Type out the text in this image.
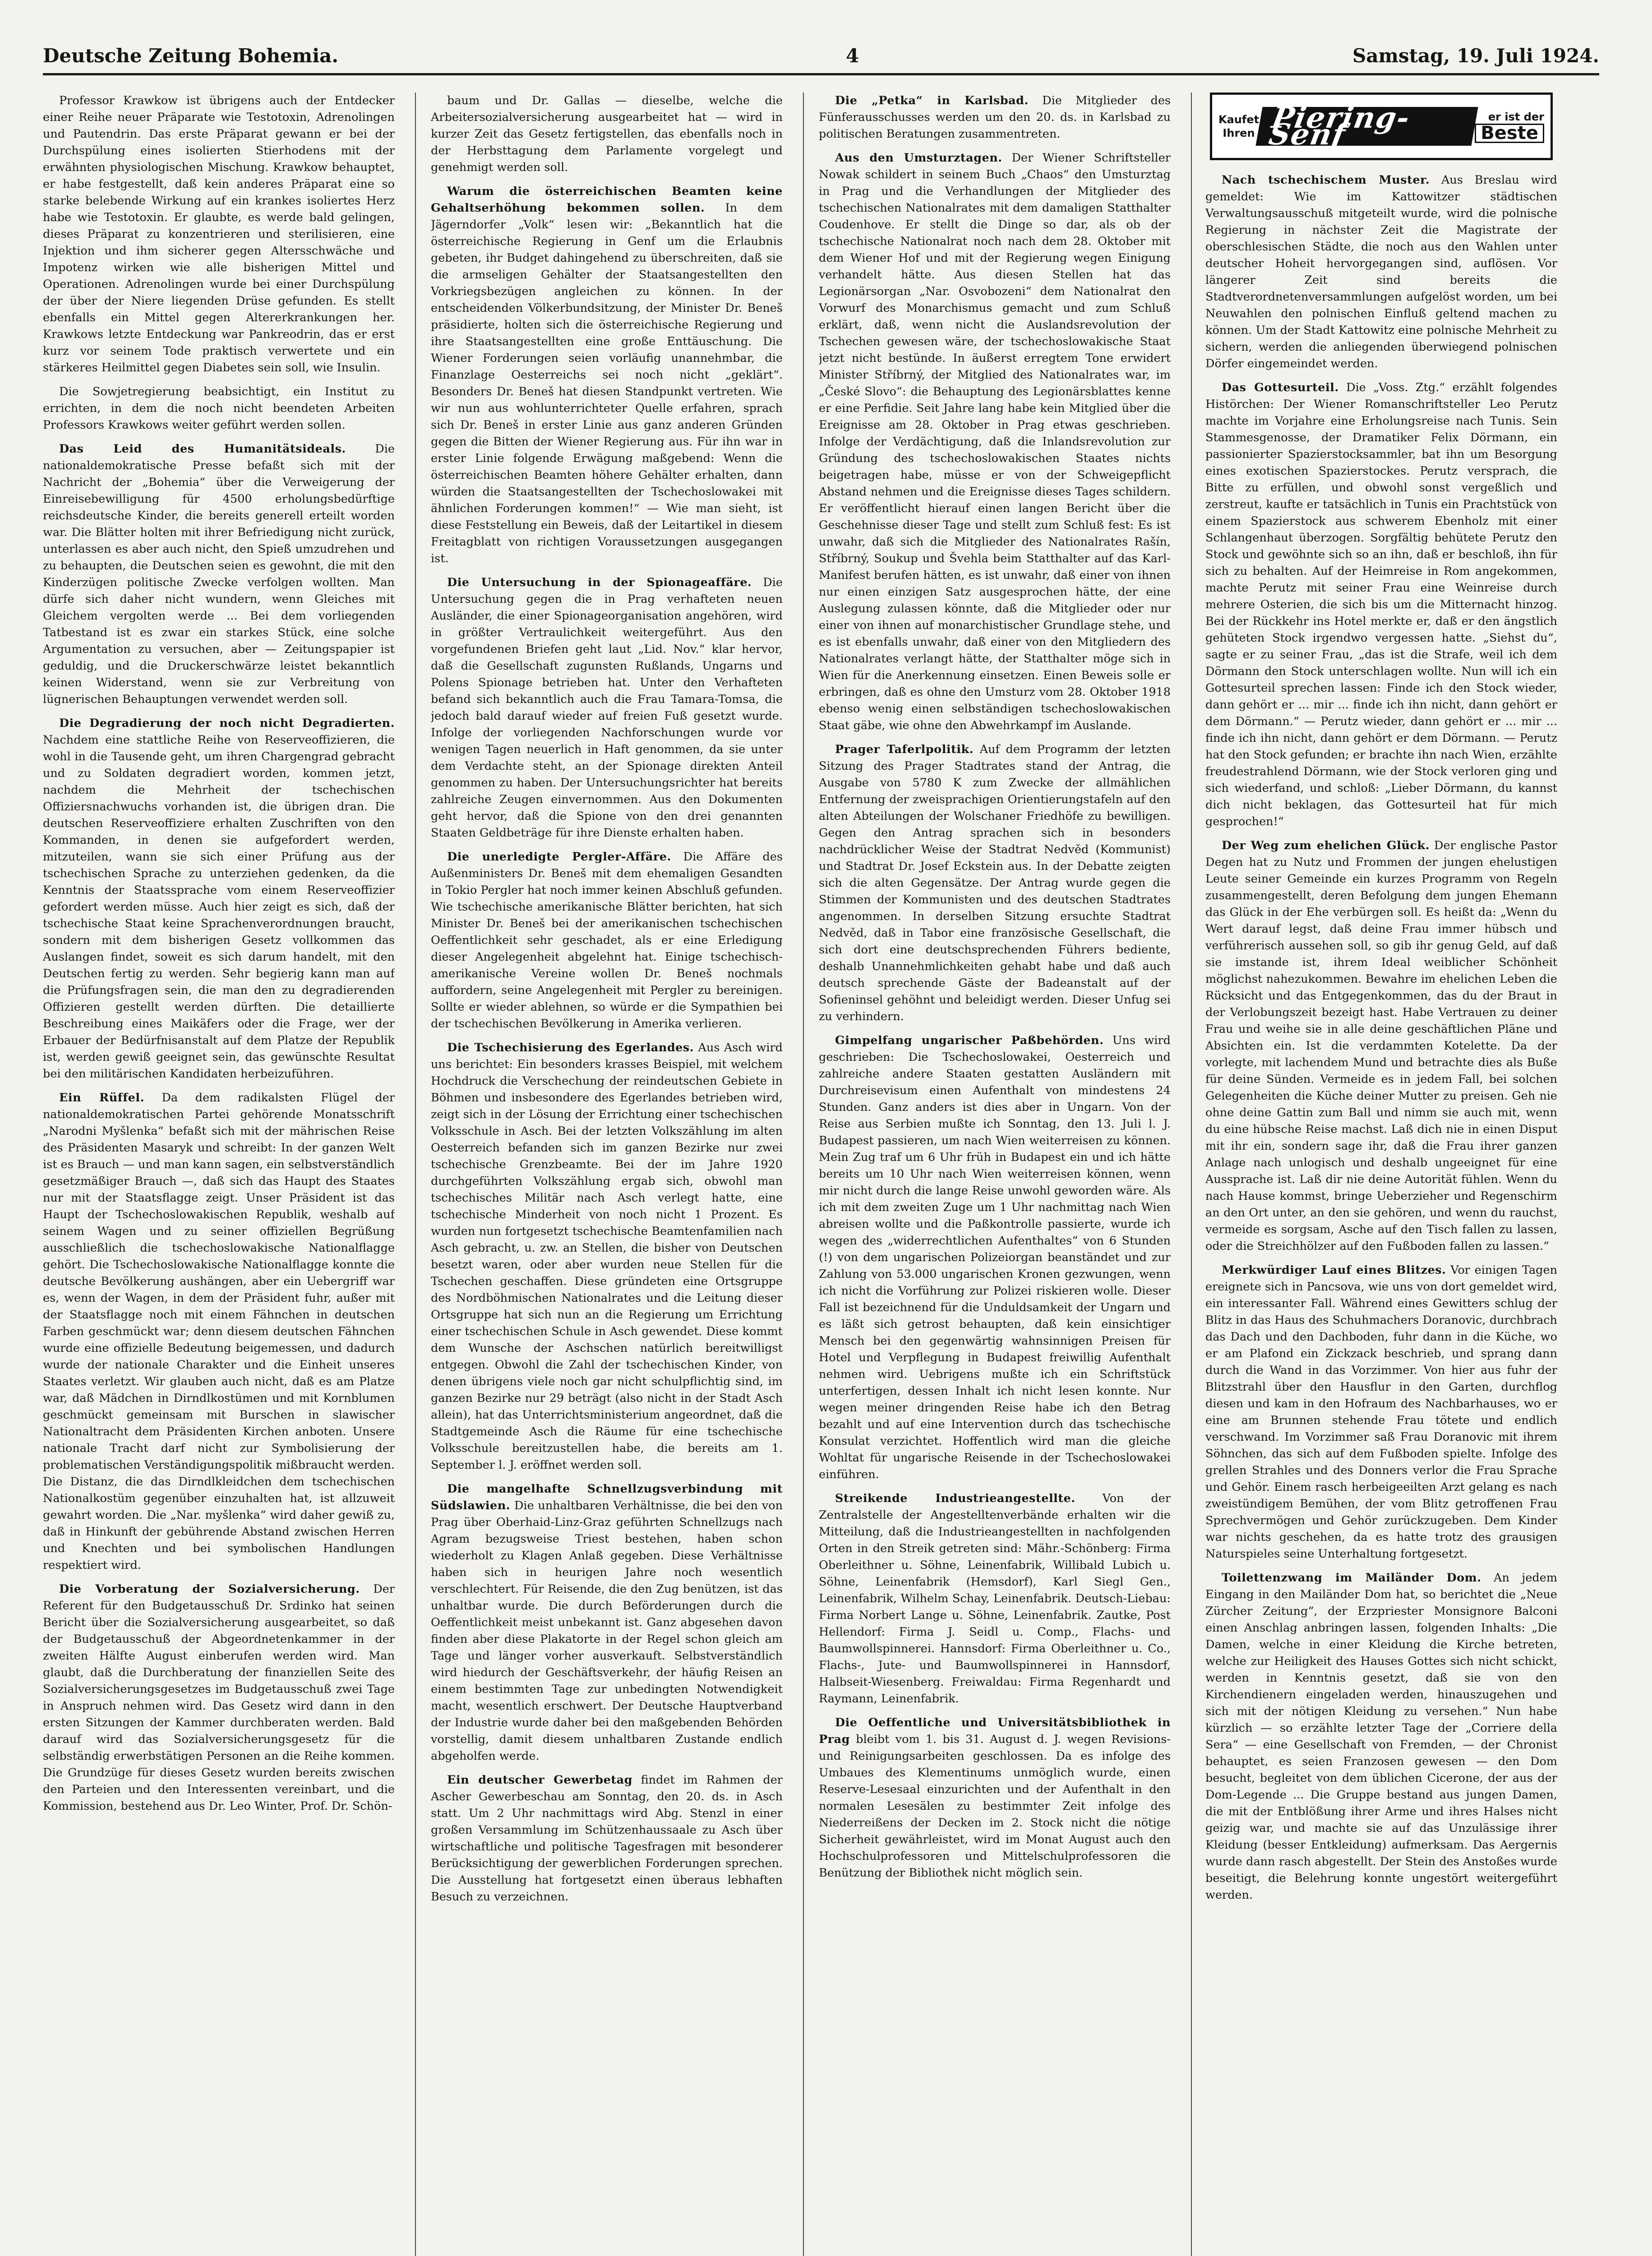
Deutsche Zeitung Bohemia.	4	Samstag, 19. Juli 1924.

Professor Krawkow ist übrigens auch der Entdecker einer Reihe neuer Präparate wie Testotoxin, Adrenolingen und Pautendrin. Das erste Präparat gewann er bei der Durchspülung eines isolierten Stierhodens mit der erwähnten physiologischen Mischung. Krawkow behauptet, er habe festgestellt, daß kein anderes Präparat eine so starke belebende Wirkung auf ein krankes isoliertes Herz habe wie Testotoxin. Er glaubte, es werde bald gelingen, dieses Präparat zu konzentrieren und sterilisieren, eine Injektion und ihm sicherer gegen Altersschwäche und Impotenz wirken wie alle bisherigen Mittel und Operationen. Adrenolingen wurde bei einer Durchspülung der über der Niere liegenden Drüse gefunden. Es stellt ebenfalls ein Mittel gegen Altererkrankungen her. Krawkows letzte Entdeckung war Pankreodrin, das er erst kurz vor seinem Tode praktisch verwertete und ein stärkeres Heilmittel gegen Diabetes sein soll, wie Insulin.

Die Sowjetregierung beabsichtigt, ein Institut zu errichten, in dem die noch nicht beendeten Arbeiten Professors Krawkows weiter geführt werden sollen.

Das Leid des Humanitätsideals.	Die nationaldemokratische Presse befaßt sich mit der Nachricht der „Bohemia“ über die Verweigerung der Einreisebewilligung für 4500 erholungsbedürftige reichsdeutsche Kinder, die bereits generell erteilt worden war. Die Blätter holten mit ihrer Befriedigung nicht zurück, unterlassen es aber auch nicht, den Spieß umzudrehen und zu behaupten, die Deutschen seien es gewohnt, die mit den Kinderzügen politische Zwecke verfolgen wollten. Man dürfe sich daher nicht wundern, wenn Gleiches mit Gleichem vergolten werde ... Bei dem vorliegenden Tatbestand ist es zwar ein starkes Stück, eine solche Argumentation zu versuchen, aber — Zeitungspapier ist geduldig, und die Druckerschwärze leistet bekanntlich keinen Widerstand, wenn sie zur Verbreitung von lügnerischen Behauptungen verwendet werden soll.

Die Degradierung der noch nicht Degradierten. Nachdem eine stattliche Reihe von Reserveoffizieren, die wohl in die Tausende geht, um ihren Chargengrad gebracht und zu Soldaten degradiert worden, kommen jetzt, nachdem die Mehrheit der tschechischen Offiziersnachwuchs vorhanden ist, die übrigen dran. Die deutschen Reserveoffiziere erhalten Zuschriften von den Kommanden, in denen sie aufgefordert werden, mitzuteilen, wann sie sich einer Prüfung aus der tschechischen Sprache zu unterziehen gedenken, da die Kenntnis der Staatssprache vom einem Reserveoffizier gefordert werden müsse. Auch hier zeigt es sich, daß der tschechische Staat keine Sprachenverordnungen braucht, sondern mit dem bisherigen Gesetz vollkommen das Auslangen findet, soweit es sich darum handelt, mit den Deutschen fertig zu werden. Sehr begierig kann man auf die Prüfungsfragen sein, die man den zu degradierenden Offizieren gestellt werden dürften. Die detaillierte Beschreibung eines Maikäfers oder die Frage, wer der Erbauer der Bedürfnisanstalt auf dem Platze der Republik ist, werden gewiß geeignet sein, das gewünschte Resultat bei den militärischen Kandidaten herbeizuführen.

Ein Rüffel. Da dem radikalsten Flügel der nationaldemokratischen Partei gehörende Monatsschrift „Narodni Myšlenka“ befaßt sich mit der mährischen Reise des Präsidenten Masaryk und schreibt: In der ganzen Welt ist es Brauch — und man kann sagen, ein selbstverständlich gesetzmäßiger Brauch —, daß sich das Haupt des Staates nur mit der Staatsflagge zeigt. Unser Präsident ist das Haupt der Tschechoslowakischen Republik, weshalb auf seinem Wagen und zu seiner offiziellen Begrüßung ausschließlich die tschechoslowakische Nationalflagge gehört. Die Tschechoslowakische Nationalflagge konnte die deutsche Bevölkerung aushängen, aber ein Uebergriff war es, wenn der Wagen, in dem der Präsident fuhr, außer mit der Staatsflagge noch mit einem Fähnchen in deutschen Farben geschmückt war; denn diesem deutschen Fähnchen wurde eine offizielle Bedeutung beigemessen, und dadurch wurde der nationale Charakter und die Einheit unseres Staates verletzt. Wir glauben auch nicht, daß es am Platze war, daß Mädchen in Dirndlkostümen und mit Kornblumen geschmückt gemeinsam mit Burschen in slawischer Nationaltracht dem Präsidenten Kirchen anboten. Unsere nationale Tracht darf nicht zur Symbolisierung der problematischen Verständigungspolitik mißbraucht werden. Die Distanz, die das Dirndlkleidchen dem tschechischen Nationalkostüm gegenüber einzuhalten hat, ist allzuweit gewahrt worden. Die „Nar. myšlenka“ wird daher gewiß zu, daß in Hinkunft der gebührende Abstand zwischen Herren und Knechten und bei symbolischen Handlungen respektiert wird.

Die Vorberatung der Sozialversicherung. Der Referent für den Budgetausschuß Dr. Srdinko hat seinen Bericht über die Sozialversicherung ausgearbeitet, so daß der Budgetausschuß der Abgeordnetenkammer in der zweiten Hälfte August einberufen werden wird. Man glaubt, daß die Durchberatung der finanziellen Seite des Sozialversicherungsgesetzes im Budgetausschuß zwei Tage in Anspruch nehmen wird. Das Gesetz wird dann in den ersten Sitzungen der Kammer durchberaten werden. Bald darauf wird das Sozialversicherungsgesetz für die selbständig erwerbstätigen Personen an die Reihe kommen. Die Grundzüge für dieses Gesetz wurden bereits zwischen den Parteien und den Interessenten vereinbart, und die Kommission, bestehend aus Dr. Leo Winter, Prof. Dr. Schön-

baum und Dr. Gallas — dieselbe, welche die Arbeitersozialversicherung ausgearbeitet hat — wird in kurzer Zeit das Gesetz fertigstellen, das ebenfalls noch in der Herbsttagung dem Parlamente vorgelegt und genehmigt werden soll.

Warum die österreichischen Beamten keine Gehaltserhöhung bekommen sollen. In dem Jägerndorfer „Volk“ lesen wir: „Bekanntlich hat die österreichische Regierung in Genf um die Erlaubnis gebeten, ihr Budget dahingehend zu überschreiten, daß sie die armseligen Gehälter der Staatsangestellten den Vorkriegsbezügen angleichen zu können. In der entscheidenden Völkerbundsitzung, der Minister Dr. Beneš präsidierte, holten sich die österreichische Regierung und ihre Staatsangestellten eine große Enttäuschung. Die Wiener Forderungen seien vorläufig unannehmbar, die Finanzlage Oesterreichs sei noch nicht „geklärt“. Besonders Dr. Beneš hat diesen Standpunkt vertreten. Wie wir nun aus wohlunterrichteter Quelle erfahren, sprach sich Dr. Beneš in erster Linie aus ganz anderen Gründen gegen die Bitten der Wiener Regierung aus. Für ihn war in erster Linie folgende Erwägung maßgebend: Wenn die österreichischen Beamten höhere Gehälter erhalten, dann würden die Staatsangestellten der Tschechoslowakei mit ähnlichen Forderungen kommen!“ — Wie man sieht, ist diese Feststellung ein Beweis, daß der Leitartikel in diesem Freitagblatt von richtigen Voraussetzungen ausgegangen ist.

Die Untersuchung in der Spionageaffäre. Die Untersuchung gegen die in Prag verhafteten neuen Ausländer, die einer Spionageorganisation angehören, wird in größter Vertraulichkeit weitergeführt. Aus den vorgefundenen Briefen geht laut „Lid. Nov.“ klar hervor, daß die Gesellschaft zugunsten Rußlands, Ungarns und Polens Spionage betrieben hat. Unter den Verhafteten befand sich bekanntlich auch die Frau Tamara-Tomsa, die jedoch bald darauf wieder auf freien Fuß gesetzt wurde. Infolge der vorliegenden Nachforschungen wurde vor wenigen Tagen neuerlich in Haft genommen, da sie unter dem Verdachte steht, an der Spionage direkten Anteil genommen zu haben. Der Untersuchungsrichter hat bereits zahlreiche Zeugen einvernommen. Aus den Dokumenten geht hervor, daß die Spione von den drei genannten Staaten Geldbeträge für ihre Dienste erhalten haben.

Die unerledigte Pergler-Affäre. Die Affäre des Außenministers Dr. Beneš mit dem ehemaligen Gesandten in Tokio Pergler hat noch immer keinen Abschluß gefunden. Wie tschechische amerikanische Blätter berichten, hat sich Minister Dr. Beneš bei der amerikanischen tschechischen Oeffentlichkeit sehr geschadet, als er eine Erledigung dieser Angelegenheit abgelehnt hat. Einige tschechisch-amerikanische Vereine wollen Dr. Beneš nochmals auffordern, seine Angelegenheit mit Pergler zu bereinigen. Sollte er wieder ablehnen, so würde er die Sympathien bei der tschechischen Bevölkerung in Amerika verlieren.

Die Tschechisierung des Egerlandes. Aus Asch wird uns berichtet: Ein besonders krasses Beispiel, mit welchem Hochdruck die Verschechung der reindeutschen Gebiete in Böhmen und insbesondere des Egerlandes betrieben wird, zeigt sich in der Lösung der Errichtung einer tschechischen Volksschule in Asch. Bei der letzten Volkszählung im alten Oesterreich befanden sich im ganzen Bezirke nur zwei tschechische Grenzbeamte. Bei der im Jahre 1920 durchgeführten Volkszählung ergab sich, obwohl man tschechisches Militär nach Asch verlegt hatte, eine tschechische Minderheit von noch nicht 1 Prozent. Es wurden nun fortgesetzt tschechische Beamtenfamilien nach Asch gebracht, u. zw. an Stellen, die bisher von Deutschen besetzt waren, oder aber wurden neue Stellen für die Tschechen geschaffen. Diese gründeten eine Ortsgruppe des Nordböhmischen Nationalrates und die Leitung dieser Ortsgruppe hat sich nun an die Regierung um Errichtung einer tschechischen Schule in Asch gewendet. Diese kommt dem Wunsche der Aschschen natürlich bereitwilligst entgegen. Obwohl die Zahl der tschechischen Kinder, von denen übrigens viele noch gar nicht schulpflichtig sind, im ganzen Bezirke nur 29 beträgt (also nicht in der Stadt Asch allein), hat das Unterrichtsministerium angeordnet, daß die Stadtgemeinde Asch die Räume für eine tschechische Volksschule bereitzustellen habe, die bereits am 1. September l. J. eröffnet werden soll.

Die mangelhafte Schnellzugsverbindung mit Südslawien. Die unhaltbaren Verhältnisse, die bei den von Prag über Oberhaid-Linz-Graz geführten Schnellzugs nach Agram bezugsweise Triest bestehen, haben schon wiederholt zu Klagen Anlaß gegeben. Diese Verhältnisse haben sich in heurigen Jahre noch wesentlich verschlechtert. Für Reisende, die den Zug benützen, ist das unhaltbar wurde. Die durch Beförderungen durch die Oeffentlichkeit meist unbekannt ist. Ganz abgesehen davon finden aber diese Plakatorte in der Regel schon gleich am Tage und länger vorher ausverkauft. Selbstverständlich wird hiedurch der Geschäftsverkehr, der häufig Reisen an einem bestimmten Tage zur unbedingten Notwendigkeit macht, wesentlich erschwert. Der Deutsche Hauptverband der Industrie wurde daher bei den maßgebenden Behörden vorstellig, damit diesem unhaltbaren Zustande endlich abgeholfen werde.

Ein deutscher Gewerbetag findet im Rahmen der Ascher Gewerbeschau am Sonntag, den 20. ds. in Asch statt. Um 2 Uhr nachmittags wird Abg. Stenzl in einer großen Versammlung im Schützenhaussaale zu Asch über wirtschaftliche und politische Tagesfragen mit besonderer Berücksichtigung der gewerblichen Forderungen sprechen. Die Ausstellung hat fortgesetzt einen überaus lebhaften Besuch zu verzeichnen.

Die „Petka“ in Karlsbad. Die Mitglieder des Fünferausschusses werden um den 20. ds. in Karlsbad zu politischen Beratungen zusammentreten.

Aus den Umsturztagen. Der Wiener Schriftsteller Nowak schildert in seinem Buch „Chaos“ den Umsturztag in Prag und die Verhandlungen der Mitglieder des tschechischen Nationalrates mit dem damaligen Statthalter Coudenhove. Er stellt die Dinge so dar, als ob der tschechische Nationalrat noch nach dem 28. Oktober mit dem Wiener Hof und mit der Regierung wegen Einigung verhandelt hätte. Aus diesen Stellen hat das Legionärsorgan „Nar. Osvobozeni“ dem Nationalrat den Vorwurf des Monarchismus gemacht und zum Schluß erklärt, daß, wenn nicht die Auslandsrevolution der Tschechen gewesen wäre, der tschechoslowakische Staat jetzt nicht bestünde. In äußerst erregtem Tone erwidert Minister Stříbrný, der Mitglied des Nationalrates war, im „České Slovo“: die Behauptung des Legionärsblattes kenne er eine Perfidie. Seit Jahre lang habe kein Mitglied über die Ereignisse am 28. Oktober in Prag etwas geschrieben. Infolge der Verdächtigung, daß die Inlandsrevolution zur Gründung des tschechoslowakischen Staates nichts beigetragen habe, müsse er von der Schweigepflicht Abstand nehmen und die Ereignisse dieses Tages schildern. Er veröffentlicht hierauf einen langen Bericht über die Geschehnisse dieser Tage und stellt zum Schluß fest: Es ist unwahr, daß sich die Mitglieder des Nationalrates Rašín, Stříbrný, Soukup und Švehla beim Statthalter auf das Karl-Manifest berufen hätten, es ist unwahr, daß einer von ihnen nur einen einzigen Satz ausgesprochen hätte, der eine Auslegung zulassen könnte, daß die Mitglieder oder nur einer von ihnen auf monarchistischer Grundlage stehe, und es ist ebenfalls unwahr, daß einer von den Mitgliedern des Nationalrates verlangt hätte, der Statthalter möge sich in Wien für die Anerkennung einsetzen. Einen Beweis solle er erbringen, daß es ohne den Umsturz vom 28. Oktober 1918 ebenso wenig einen selbständigen tschechoslowakischen Staat gäbe, wie ohne den Abwehrkampf im Auslande.

Prager Taferlpolitik. Auf dem Programm der letzten Sitzung des Prager Stadtrates stand der Antrag, die Ausgabe von 5780 K zum Zwecke der allmählichen Entfernung der zweisprachigen Orientierungstafeln auf den alten Abteilungen der Wolschaner Friedhöfe zu bewilligen. Gegen den Antrag sprachen sich in besonders nachdrücklicher Weise der Stadtrat Nedvěd (Kommunist) und Stadtrat Dr. Josef Eckstein aus. In der Debatte zeigten sich die alten Gegensätze. Der Antrag wurde gegen die Stimmen der Kommunisten und des deutschen Stadtrates angenommen. In derselben Sitzung ersuchte Stadtrat Nedvěd, daß in Tabor eine französische Gesellschaft, die sich dort eine deutschsprechenden Führers bediente, deshalb Unannehmlichkeiten gehabt habe und daß auch deutsch sprechende Gäste der Badeanstalt auf der Sofieninsel gehöhnt und beleidigt werden. Dieser Unfug sei zu verhindern.

Gimpelfang ungarischer Paßbehörden. Uns wird geschrieben: Die Tschechoslowakei, Oesterreich und zahlreiche andere Staaten gestatten Ausländern mit Durchreisevisum einen Aufenthalt von mindestens 24 Stunden. Ganz anders ist dies aber in Ungarn. Von der Reise aus Serbien mußte ich Sonntag, den 13. Juli l. J. Budapest passieren, um nach Wien weiterreisen zu können. Mein Zug traf um 6 Uhr früh in Budapest ein und ich hätte bereits um 10 Uhr nach Wien weiterreisen können, wenn mir nicht durch die lange Reise unwohl geworden wäre. Als ich mit dem zweiten Zuge um 1 Uhr nachmittag nach Wien abreisen wollte und die Paßkontrolle passierte, wurde ich wegen des „widerrechtlichen Aufenthaltes“ von 6 Stunden (!) von dem ungarischen Polizeiorgan beanständet und zur Zahlung von 53.000 ungarischen Kronen gezwungen, wenn ich nicht die Vorführung zur Polizei riskieren wolle. Dieser Fall ist bezeichnend für die Unduldsamkeit der Ungarn und es läßt sich getrost behaupten, daß kein einsichtiger Mensch bei den gegenwärtig wahnsinnigen Preisen für Hotel und Verpflegung in Budapest freiwillig Aufenthalt nehmen wird. Uebrigens mußte ich ein Schriftstück unterfertigen, dessen Inhalt ich nicht lesen konnte. Nur wegen meiner dringenden Reise habe ich den Betrag bezahlt und auf eine Intervention durch das tschechische Konsulat verzichtet. Hoffentlich wird man die gleiche Wohltat für ungarische Reisende in der Tschechoslowakei einführen.

Streikende Industrieangestellte. Von der Zentralstelle der Angestelltenverbände erhalten wir die Mitteilung, daß die Industrieangestellten in nachfolgenden Orten in den Streik getreten sind: Mähr.-Schönberg: Firma Oberleithner u. Söhne, Leinenfabrik, Willibald Lubich u. Söhne, Leinenfabrik (Hemsdorf), Karl Siegl Gen., Leinenfabrik, Wilhelm Schay, Leinenfabrik. Deutsch-Liebau: Firma Norbert Lange u. Söhne, Leinenfabrik. Zautke, Post Hellendorf: Firma J. Seidl u. Comp., Flachs- und Baumwollspinnerei. Hannsdorf: Firma Oberleithner u. Co., Flachs-, Jute- und Baumwollspinnerei in Hannsdorf, Halbseit-Wiesenberg. Freiwaldau: Firma Regenhardt und Raymann, Leinenfabrik.

Die Oeffentliche und Universitätsbibliothek in Prag bleibt vom 1. bis 31. August d. J. wegen Revisions- und Reinigungsarbeiten geschlossen. Da es infolge des Umbaues des Klementinums unmöglich wurde, einen Reserve-Lesesaal einzurichten und der Aufenthalt in den normalen Lesesälen zu bestimmter Zeit infolge des Niederreißens der Decken im 2. Stock nicht die nötige Sicherheit gewährleistet, wird im Monat August auch den Hochschulprofessoren und Mittelschulprofessoren die Benützung der Bibliothek nicht möglich sein.

Kaufet
Ihren Piering-Senf
er ist der
Beste

Nach tschechischem Muster. Aus Breslau wird gemeldet: Wie im Kattowitzer städtischen Verwaltungsausschuß mitgeteilt wurde, wird die polnische Regierung in nächster Zeit die Magistrate der oberschlesischen Städte, die noch aus den Wahlen unter deutscher Hoheit hervorgegangen sind, auflösen. Vor längerer Zeit sind bereits die Stadtverordnetenversammlungen aufgelöst worden, um bei Neuwahlen den polnischen Einfluß geltend machen zu können. Um der Stadt Kattowitz eine polnische Mehrheit zu sichern, werden die anliegenden überwiegend polnischen Dörfer eingemeindet werden.

Das Gottesurteil. Die „Voss. Ztg.“ erzählt folgendes Histörchen: Der Wiener Romanschriftsteller Leo Perutz machte im Vorjahre eine Erholungsreise nach Tunis. Sein Stammesgenosse, der Dramatiker Felix Dörmann, ein passionierter Spazierstocksammler, bat ihn um Besorgung eines exotischen Spazierstockes. Perutz versprach, die Bitte zu erfüllen, und obwohl sonst vergeßlich und zerstreut, kaufte er tatsächlich in Tunis ein Prachtstück von einem Spazierstock aus schwerem Ebenholz mit einer Schlangenhaut überzogen. Sorgfältig behütete Perutz den Stock und gewöhnte sich so an ihn, daß er beschloß, ihn für sich zu behalten. Auf der Heimreise in Rom angekommen, machte Perutz mit seiner Frau eine Weinreise durch mehrere Osterien, die sich bis um die Mitternacht hinzog. Bei der Rückkehr ins Hotel merkte er, daß er den ängstlich gehüteten Stock irgendwo vergessen hatte. „Siehst du“, sagte er zu seiner Frau, „das ist die Strafe, weil ich dem Dörmann den Stock unterschlagen wollte. Nun will ich ein Gottesurteil sprechen lassen: Finde ich den Stock wieder, dann gehört er ... mir ... finde ich ihn nicht, dann gehört er dem Dörmann.“ — Perutz wieder, dann gehört er ... mir ... finde ich ihn nicht, dann gehört er dem Dörmann. — Perutz hat den Stock gefunden; er brachte ihn nach Wien, erzählte freudestrahlend Dörmann, wie der Stock verloren ging und sich wiederfand, und schloß: „Lieber Dörmann, du kannst dich nicht beklagen, das Gottesurteil hat für mich gesprochen!“

Der Weg zum ehelichen Glück. Der englische Pastor Degen hat zu Nutz und Frommen der jungen ehelustigen Leute seiner Gemeinde ein kurzes Programm von Regeln zusammengestellt, deren Befolgung dem jungen Ehemann das Glück in der Ehe verbürgen soll. Es heißt da: „Wenn du Wert darauf legst, daß deine Frau immer hübsch und verführerisch aussehen soll, so gib ihr genug Geld, auf daß sie imstande ist, ihrem Ideal weiblicher Schönheit möglichst nahezukommen. Bewahre im ehelichen Leben die Rücksicht und das Entgegenkommen, das du der Braut in der Verlobungszeit bezeigt hast. Habe Vertrauen zu deiner Frau und weihe sie in alle deine geschäftlichen Pläne und Absichten ein. Ist die verdammten Kotelette. Da der vorlegte, mit lachendem Mund und betrachte dies als Buße für deine Sünden. Vermeide es in jedem Fall, bei solchen Gelegenheiten die Küche deiner Mutter zu preisen. Geh nie ohne deine Gattin zum Ball und nimm sie auch mit, wenn du eine hübsche Reise machst. Laß dich nie in einen Disput mit ihr ein, sondern sage ihr, daß die Frau ihrer ganzen Anlage nach unlogisch und deshalb ungeeignet für eine Aussprache ist. Laß dir nie deine Autorität fühlen. Wenn du nach Hause kommst, bringe Ueberzieher und Regenschirm an den Ort unter, an den sie gehören, und wenn du rauchst, vermeide es sorgsam, Asche auf den Tisch fallen zu lassen, oder die Streichhölzer auf den Fußboden fallen zu lassen.“

Merkwürdiger Lauf eines Blitzes. Vor einigen Tagen ereignete sich in Pancsova, wie uns von dort gemeldet wird, ein interessanter Fall. Während eines Gewitters schlug der Blitz in das Haus des Schuhmachers Doranovic, durchbrach das Dach und den Dachboden, fuhr dann in die Küche, wo er am Plafond ein Zickzack beschrieb, und sprang dann durch die Wand in das Vorzimmer. Von hier aus fuhr der Blitzstrahl über den Hausflur in den Garten, durchflog diesen und kam in den Hofraum des Nachbarhauses, wo er eine am Brunnen stehende Frau tötete und endlich verschwand. Im Vorzimmer saß Frau Doranovic mit ihrem Söhnchen, das sich auf dem Fußboden spielte. Infolge des grellen Strahles und des Donners verlor die Frau Sprache und Gehör. Einem rasch herbeigeeilten Arzt gelang es nach zweistündigem Bemühen, der vom Blitz getroffenen Frau Sprechvermögen und Gehör zurückzugeben. Dem Kinder war nichts geschehen, da es hatte trotz des grausigen Naturspieles seine Unterhaltung fortgesetzt.

Toilettenzwang im Mailänder Dom. An jedem Eingang in den Mailänder Dom hat, so berichtet die „Neue Zürcher Zeitung“, der Erzpriester Monsignore Balconi einen Anschlag anbringen lassen, folgenden Inhalts: „Die Damen, welche in einer Kleidung die Kirche betreten, welche zur Heiligkeit des Hauses Gottes sich nicht schickt, werden in Kenntnis gesetzt, daß sie von den Kirchendienern eingeladen werden, hinauszugehen und sich mit der nötigen Kleidung zu versehen.“ Nun habe kürzlich — so erzählte letzter Tage der „Corriere della Sera“ — eine Gesellschaft von Fremden, — der Chronist behauptet, es seien Franzosen gewesen — den Dom besucht, begleitet von dem üblichen Cicerone, der aus der Dom-Legende ... Die Gruppe bestand aus jungen Damen, die mit der Entblößung ihrer Arme und ihres Halses nicht geizig war, und machte sie auf das Unzulässige ihrer Kleidung (besser Entkleidung) aufmerksam. Das Aergernis wurde dann rasch abgestellt. Der Stein des Anstoßes wurde beseitigt, die Belehrung konnte ungestört weitergeführt werden.
